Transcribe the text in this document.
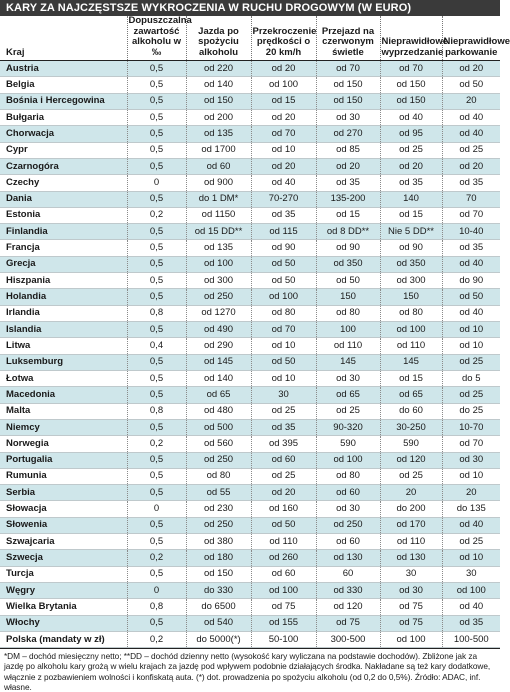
KARY ZA NAJCZĘSTSZE WYKROCZENIA W RUCHU DROGOWYM (W EURO)
Kraj	Dopuszczalna zawartość alkoholu w ‰	Jazda po spożyciu alkoholu	Przekroczenie prędkości o 20 km/h	Przejazd na czerwonym świetle	Nieprawidłowe wyprzedzanie	Nieprawidłowe parkowanie
Austria	0,5	od 220	od 20	od 70	od 70	od 20
Belgia	0,5	od 140	od 100	od 150	od 150	od 50
Bośnia i Hercegowina	0,5	od 150	od 15	od 150	od 150	20
Bułgaria	0,5	od 200	od 20	od 30	od 40	od 40
Chorwacja	0,5	od 135	od 70	od 270	od 95	od 40
Cypr	0,5	od 1700	od 10	od 85	od 25	od 25
Czarnogóra	0,5	od 60	od 20	od 20	od 20	od 20
Czechy	0	od 900	od 40	od 35	od 35	od 35
Dania	0,5	do 1 DM*	70-270	135-200	140	70
Estonia	0,2	od 1150	od 35	od 15	od 15	od 70
Finlandia	0,5	od 15 DD**	od 115	od 8 DD**	Nie 5 DD**	10-40
Francja	0,5	od 135	od 90	od 90	od 90	od 35
Grecja	0,5	od 100	od 50	od 350	od 350	od 40
Hiszpania	0,5	od 300	od 50	od 50	od 300	do 90
Holandia	0,5	od 250	od 100	150	150	od 50
Irlandia	0,8	od 1270	od 80	od 80	od 80	od 40
Islandia	0,5	od 490	od 70	100	od 100	od 10
Litwa	0,4	od 290	od 10	od 110	od 110	od 10
Luksemburg	0,5	od 145	od 50	145	145	od 25
Łotwa	0,5	od 140	od 10	od 30	od 15	do 5
Macedonia	0,5	od 65	30	od 65	od 65	od 25
Malta	0,8	od 480	od 25	od 25	do 60	do 25
Niemcy	0,5	od 500	od 35	90-320	30-250	10-70
Norwegia	0,2	od 560	od 395	590	590	od 70
Portugalia	0,5	od 250	od 60	od 100	od 120	od 30
Rumunia	0,5	od 80	od 25	od 80	od 25	od 10
Serbia	0,5	od 55	od 20	od 60	20	20
Słowacja	0	od 230	od 160	od 30	do 200	do 135
Słowenia	0,5	od 250	od 50	od 250	od 170	od 40
Szwajcaria	0,5	od 380	od 110	od 60	od 110	od 25
Szwecja	0,2	od 180	od 260	od 130	od 130	od 10
Turcja	0,5	od 150	od 60	60	30	30
Węgry	0	do 330	od 100	od 330	od 30	od 100
Wielka Brytania	0,8	do 6500	od 75	od 120	od 75	od 40
Włochy	0,5	od 540	od 155	od 75	od 75	od 35
Polska (mandaty w zł)	0,2	do 5000(*)	50-100	300-500	od 100	100-500
*DM – dochód miesięczny netto; **DD – dochód dzienny netto (wysokość kary wyliczana na podstawie dochodów). Zbliżone jak za jazdę po alkoholu kary grożą w wielu krajach za jazdę pod wpływem podobnie działających środka. Nakładane są też kary dodatkowe, włącznie z pozbawieniem wolności i konfiskatą auta. (*) dot. prowadzenia po spożyciu alkoholu (od 0,2 do 0,5%). Źródło: ADAC, inf. własne.
